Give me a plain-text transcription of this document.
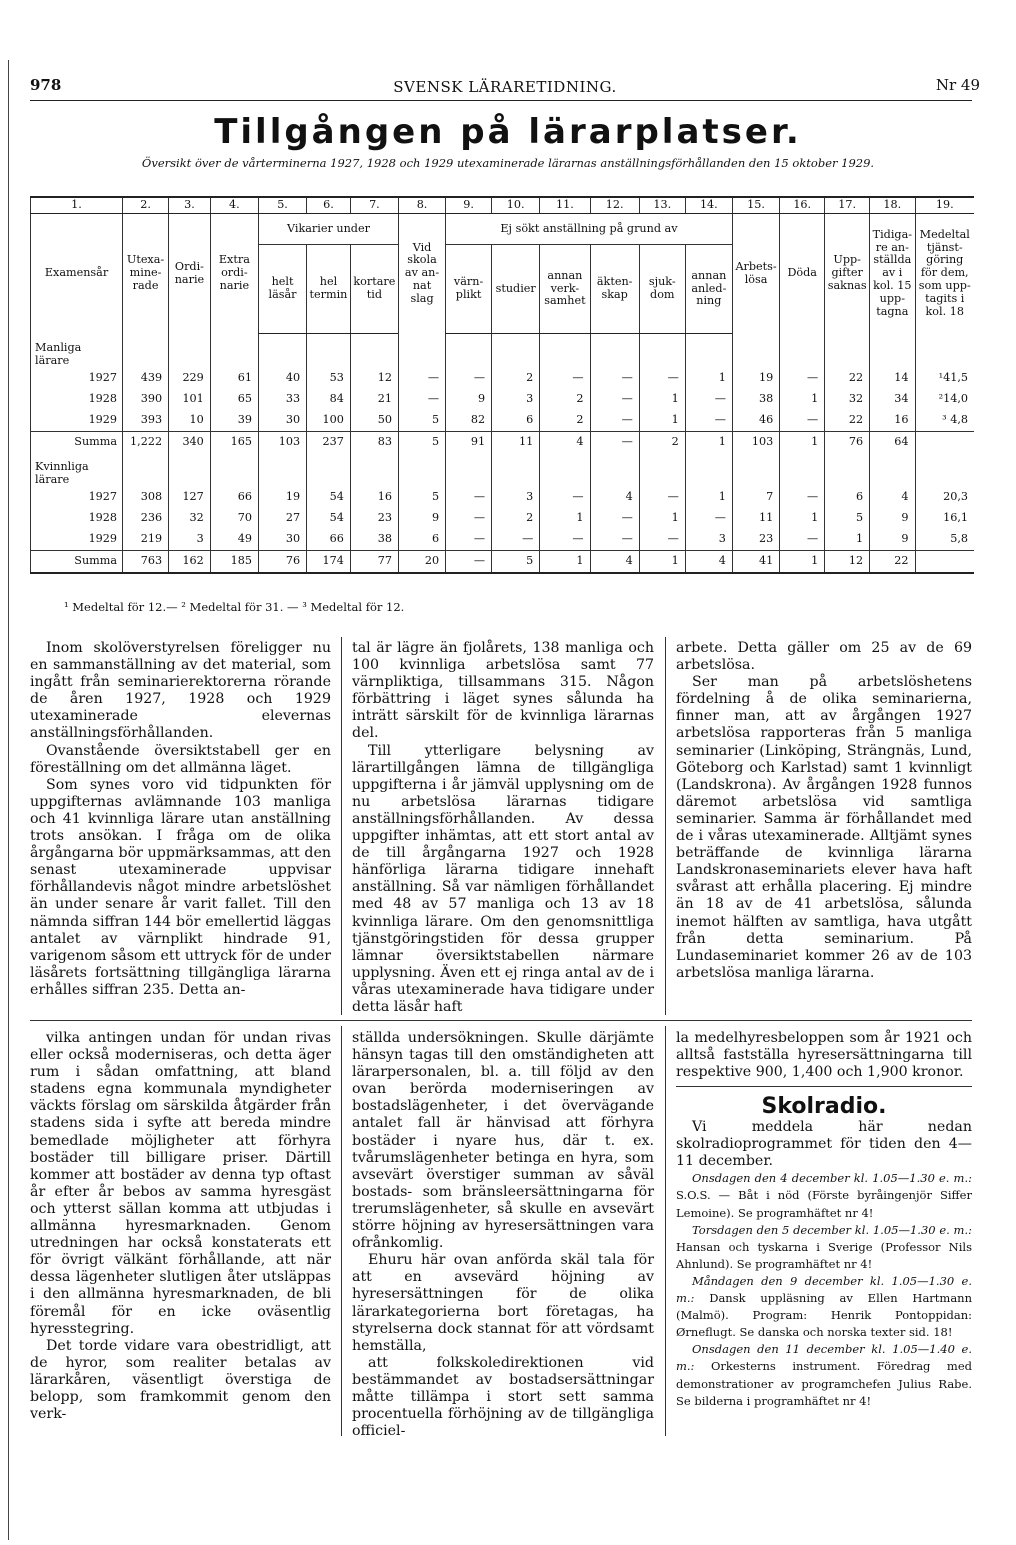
978	SVENSK LÄRARETIDNING.	Nr 49
Tillgången på lärarplatser.
Översikt över de vårterminerna 1927, 1928 och 1929 utexaminerade lärarnas anställningsförhållanden den 15 oktober 1929.
1.	2.	3.	4.	5.	6.	7.	8.	9.	10.	11.	12.	13.	14.	15.	16.	17.	18.	19.
Examensår	Utexa-mine-rade	Ordi-narie	Extra ordi-narie	Vikarier under			Vid skola av an-nat slag	Ej sökt anställning på grund av						Arbets-lösa	Döda	Upp-gifter saknas	Tidiga-re an-ställda av i kol. 15 upp-tagna	Medeltal tjänst-göring för dem, som upp-tagits i kol. 18
				helt läsår	hel termin	kortare tid		värn-plikt	studier	annan verk-samhet	äkten-skap	sjuk-dom	annan anled-ning					
Manliga lärare																		
1927	439	229	61	40	53	12	—	—	2	—	—	—	1	19	—	22	14	¹41,5
1928	390	101	65	33	84	21	—	9	3	2	—	1	—	38	1	32	34	²14,0
1929	393	10	39	30	100	50	5	82	6	2	—	1	—	46	—	22	16	³ 4,8
Summa	1,222	340	165	103	237	83	5	91	11	4	—	2	1	103	1	76	64	
Kvinnliga lärare																		
1927	308	127	66	19	54	16	5	—	3	—	4	—	1	7	—	6	4	20,3
1928	236	32	70	27	54	23	9	—	2	1	—	1	—	11	1	5	9	16,1
1929	219	3	49	30	66	38	6	—	—	—	—	—	3	23	—	1	9	5,8
Summa	763	162	185	76	174	77	20	—	5	1	4	1	4	41	1	12	22	
¹ Medeltal för 12.— ² Medeltal för 31. — ³ Medeltal för 12.

Inom skolöverstyrelsen föreligger nu en sammanställning av det material, som ingått från seminarierektorerna rörande de åren 1927, 1928 och 1929 utexaminerade elevernas anställningsförhållanden.

Ovanstående översiktstabell ger en föreställning om det allmänna läget.

Som synes voro vid tidpunkten för uppgifternas avlämnande 103 manliga och 41 kvinnliga lärare utan anställning trots ansökan. I fråga om de olika årgångarna bör uppmärksammas, att den senast utexaminerade uppvisar förhållandevis något mindre arbetslöshet än under senare år varit fallet. Till den nämnda siffran 144 bör emellertid läggas antalet av värnplikt hindrade 91, varigenom såsom ett uttryck för de under läsårets fortsättning tillgängliga lärarna erhålles siffran 235. Detta an-

tal är lägre än fjolårets, 138 manliga och 100 kvinnliga arbetslösa samt 77 värnpliktiga, tillsammans 315. Någon förbättring i läget synes sålunda ha inträtt särskilt för de kvinnliga lärarnas del.

Till ytterligare belysning av lärartillgången lämna de tillgängliga uppgifterna i år jämväl upplysning om de nu arbetslösa lärarnas tidigare anställningsförhållanden. Av dessa uppgifter inhämtas, att ett stort antal av de till årgångarna 1927 och 1928 hänförliga lärarna tidigare innehaft anställning. Så var nämligen förhållandet med 48 av 57 manliga och 13 av 18 kvinnliga lärare. Om den genomsnittliga tjänstgöringstiden för dessa grupper lämnar översiktstabellen närmare upplysning. Även ett ej ringa antal av de i våras utexaminerade hava tidigare under detta läsår haft

arbete. Detta gäller om 25 av de 69 arbetslösa.

Ser man på arbetslöshetens fördelning å de olika seminarierna, finner man, att av årgången 1927 arbetslösa rapporteras från 5 manliga seminarier (Linköping, Strängnäs, Lund, Göteborg och Karlstad) samt 1 kvinnligt (Landskrona). Av årgången 1928 funnos däremot arbetslösa vid samtliga seminarier. Samma är förhållandet med de i våras utexaminerade. Alltjämt synes beträffande de kvinnliga lärarna Landskronaseminariets elever hava haft svårast att erhålla placering. Ej mindre än 18 av de 41 arbetslösa, sålunda inemot hälften av samtliga, hava utgått från detta seminarium. På Lundaseminariet kommer 26 av de 103 arbetslösa manliga lärarna.

vilka antingen undan för undan rivas eller också moderniseras, och detta äger rum i sådan omfattning, att bland stadens egna kommunala myndigheter väckts förslag om särskilda åtgärder från stadens sida i syfte att bereda mindre bemedlade möjligheter att förhyra bostäder till billigare priser. Därtill kommer att bostäder av denna typ oftast år efter år bebos av samma hyresgäst och ytterst sällan komma att utbjudas i allmänna hyresmarknaden. Genom utredningen har också konstaterats ett för övrigt välkänt förhållande, att när dessa lägenheter slutligen åter utsläppas i den allmänna hyresmarknaden, de bli föremål för en icke oväsentlig hyresstegring.

Det torde vidare vara obestridligt, att de hyror, som realiter betalas av lärarkåren, väsentligt överstiga de belopp, som framkommit genom den verk-

ställda undersökningen. Skulle därjämte hänsyn tagas till den omständigheten att lärarpersonalen, bl. a. till följd av den ovan berörda moderniseringen av bostadslägenheter, i det övervägande antalet fall är hänvisad att förhyra bostäder i nyare hus, där t. ex. tvårumslägenheter betinga en hyra, som avsevärt överstiger summan av såväl bostads- som bränsleersättningarna för trerumslägenheter, så skulle en avsevärt större höjning av hyresersättningen vara ofrånkomlig.

Ehuru här ovan anförda skäl tala för att en avsevärd höjning av hyresersättningen för de olika lärarkategorierna bort företagas, ha styrelserna dock stannat för att vördsamt hemställa,

att folkskoledirektionen vid bestämmandet av bostadsersättningar måtte tillämpa i stort sett samma procentuella förhöjning av de tillgängliga officiel-

la medelhyresbeloppen som år 1921 och alltså fastställa hyresersättningarna till respektive 900, 1,400 och 1,900 kronor.

Skolradio.

Vi meddela här nedan skolradioprogrammet för tiden den 4—11 december.

Onsdagen den 4 december kl. 1.05—1.30 e. m.: S.O.S. — Båt i nöd (Förste byråingenjör Siffer Lemoine). Se programhäftet nr 4!

Torsdagen den 5 december kl. 1.05—1.30 e. m.: Hansan och tyskarna i Sverige (Professor Nils Ahnlund). Se programhäftet nr 4!

Måndagen den 9 december kl. 1.05—1.30 e. m.: Dansk uppläsning av Ellen Hartmann (Malmö). Program: Henrik Pontoppidan: Ørneflugt. Se danska och norska texter sid. 18!

Onsdagen den 11 december kl. 1.05—1.40 e. m.: Orkesterns instrument. Föredrag med demonstrationer av programchefen Julius Rabe. Se bilderna i programhäftet nr 4!
